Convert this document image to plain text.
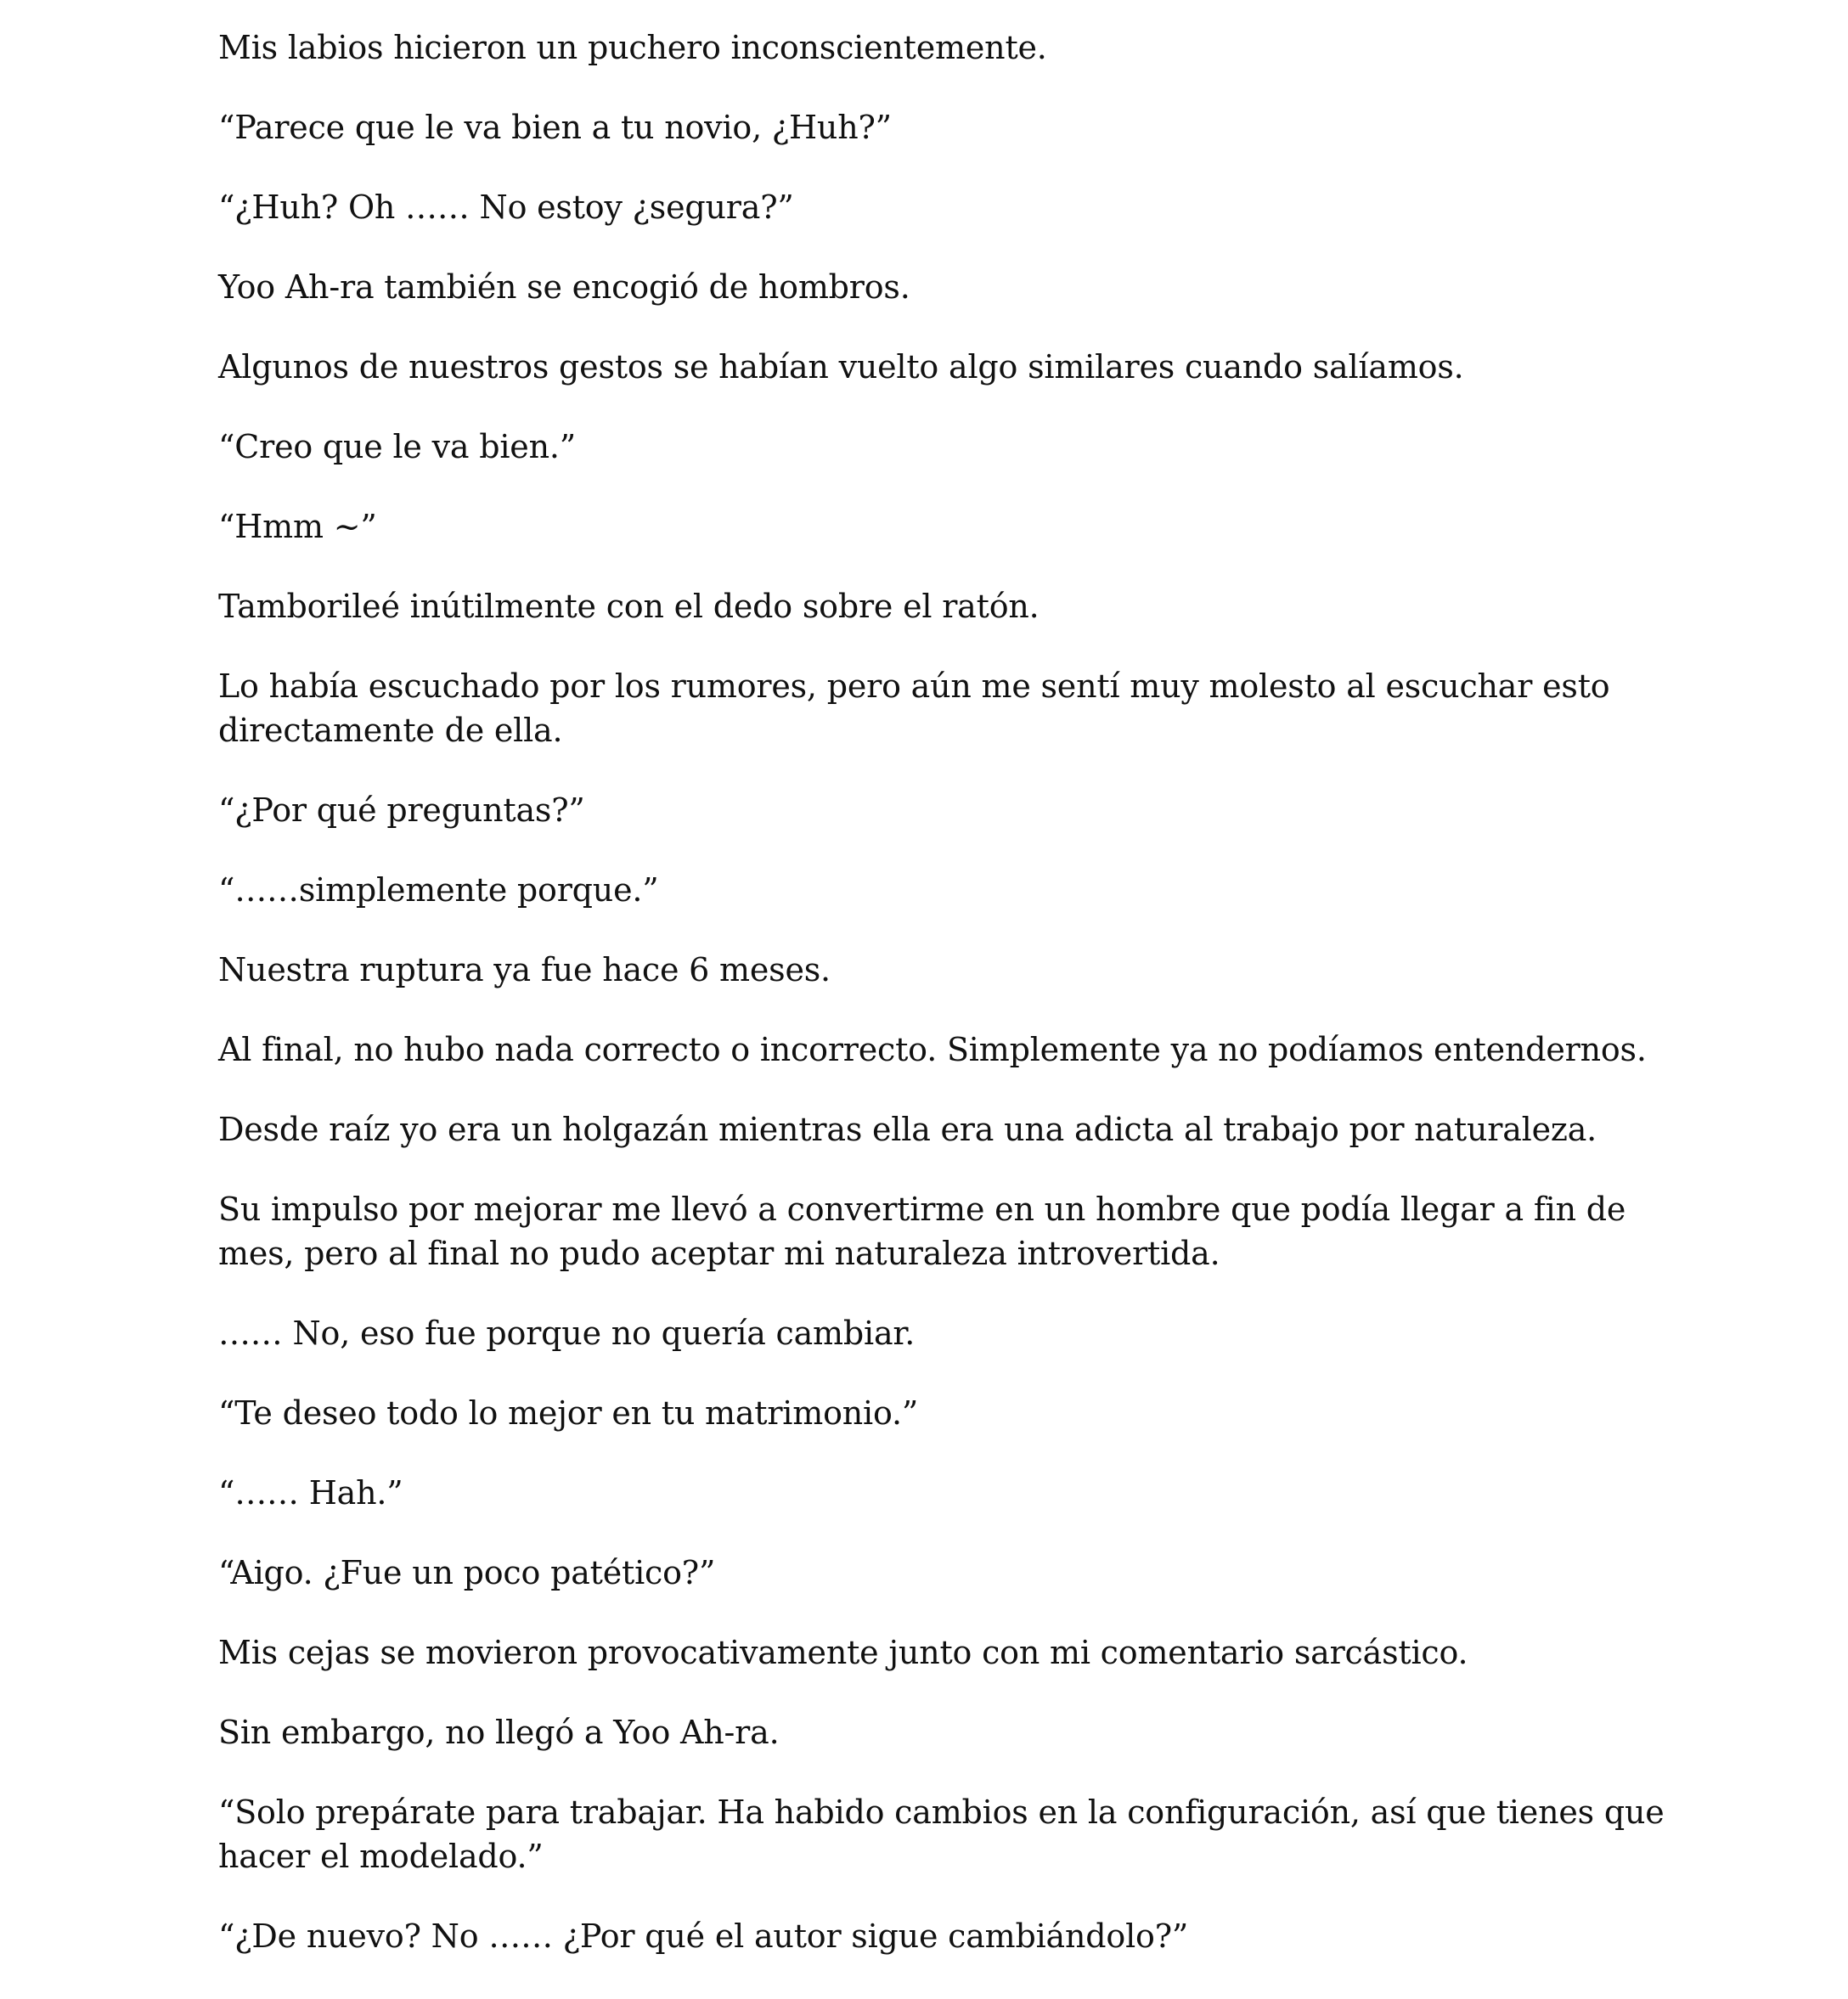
Mis labios hicieron un puchero inconscientemente.

“Parece que le va bien a tu novio, ¿Huh?”

“¿Huh? Oh …… No estoy ¿segura?”

Yoo Ah-ra también se encogió de hombros.

Algunos de nuestros gestos se habían vuelto algo similares cuando salíamos.

“Creo que le va bien.”

“Hmm ~”

Tamborileé inútilmente con el dedo sobre el ratón.

Lo había escuchado por los rumores, pero aún me sentí muy molesto al escuchar esto directamente de ella.

“¿Por qué preguntas?”

“……simplemente porque.”

Nuestra ruptura ya fue hace 6 meses.

Al final, no hubo nada correcto o incorrecto. Simplemente ya no podíamos entendernos.

Desde raíz yo era un holgazán mientras ella era una adicta al trabajo por naturaleza.

Su impulso por mejorar me llevó a convertirme en un hombre que podía llegar a fin de mes, pero al final no pudo aceptar mi naturaleza introvertida.

…… No, eso fue porque no quería cambiar.

“Te deseo todo lo mejor en tu matrimonio.”

“…… Hah.”

“Aigo. ¿Fue un poco patético?”

Mis cejas se movieron provocativamente junto con mi comentario sarcástico.

Sin embargo, no llegó a Yoo Ah-ra.

“Solo prepárate para trabajar. Ha habido cambios en la configuración, así que tienes que hacer el modelado.”

“¿De nuevo? No …… ¿Por qué el autor sigue cambiándolo?”
